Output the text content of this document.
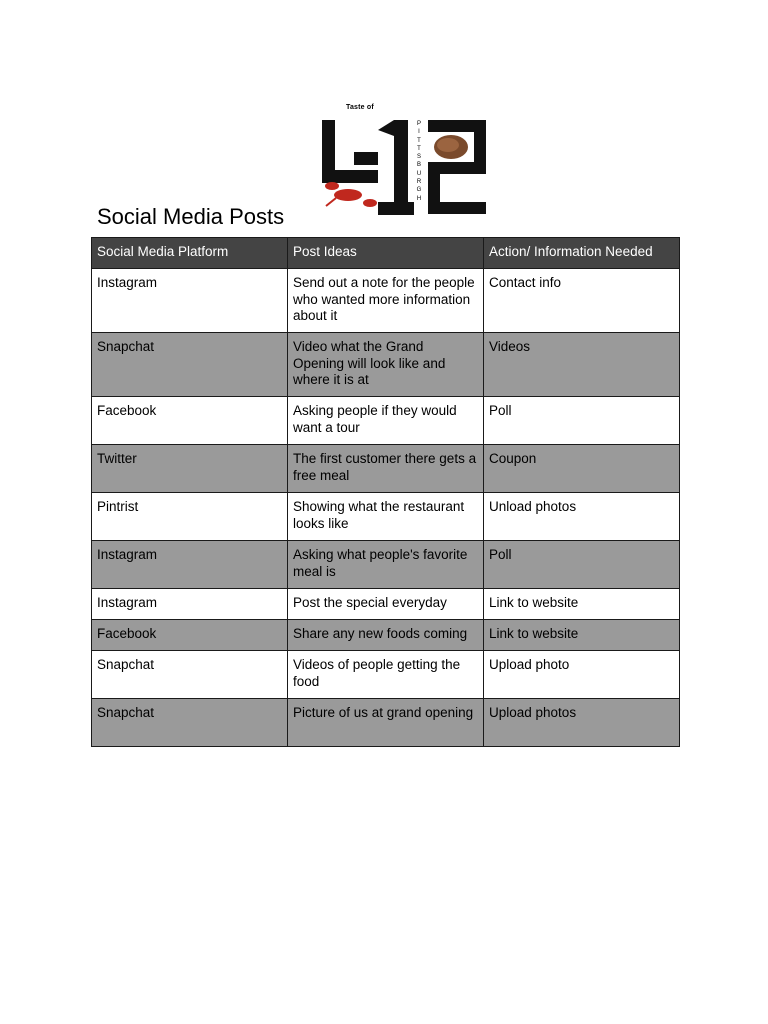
Taste of
P
I
T
T
S
B
U
R
G
H
Social Media Posts
Social Media Platform	Post Ideas	Action/ Information Needed
Instagram	Send out a note for the people who wanted more information about it	Contact info
Snapchat	Video what the Grand Opening will look like and where it is at	Videos
Facebook	Asking people if they would want a tour	Poll
Twitter	The first customer there gets a free meal	Coupon
Pintrist	Showing what the restaurant looks like	Unload photos
Instagram	Asking what people's favorite meal is	Poll
Instagram	Post the special everyday	Link to website
Facebook	Share any new foods coming	Link to website
Snapchat	Videos of people getting the food	Upload photo
Snapchat	Picture of us at grand opening	Upload photos
